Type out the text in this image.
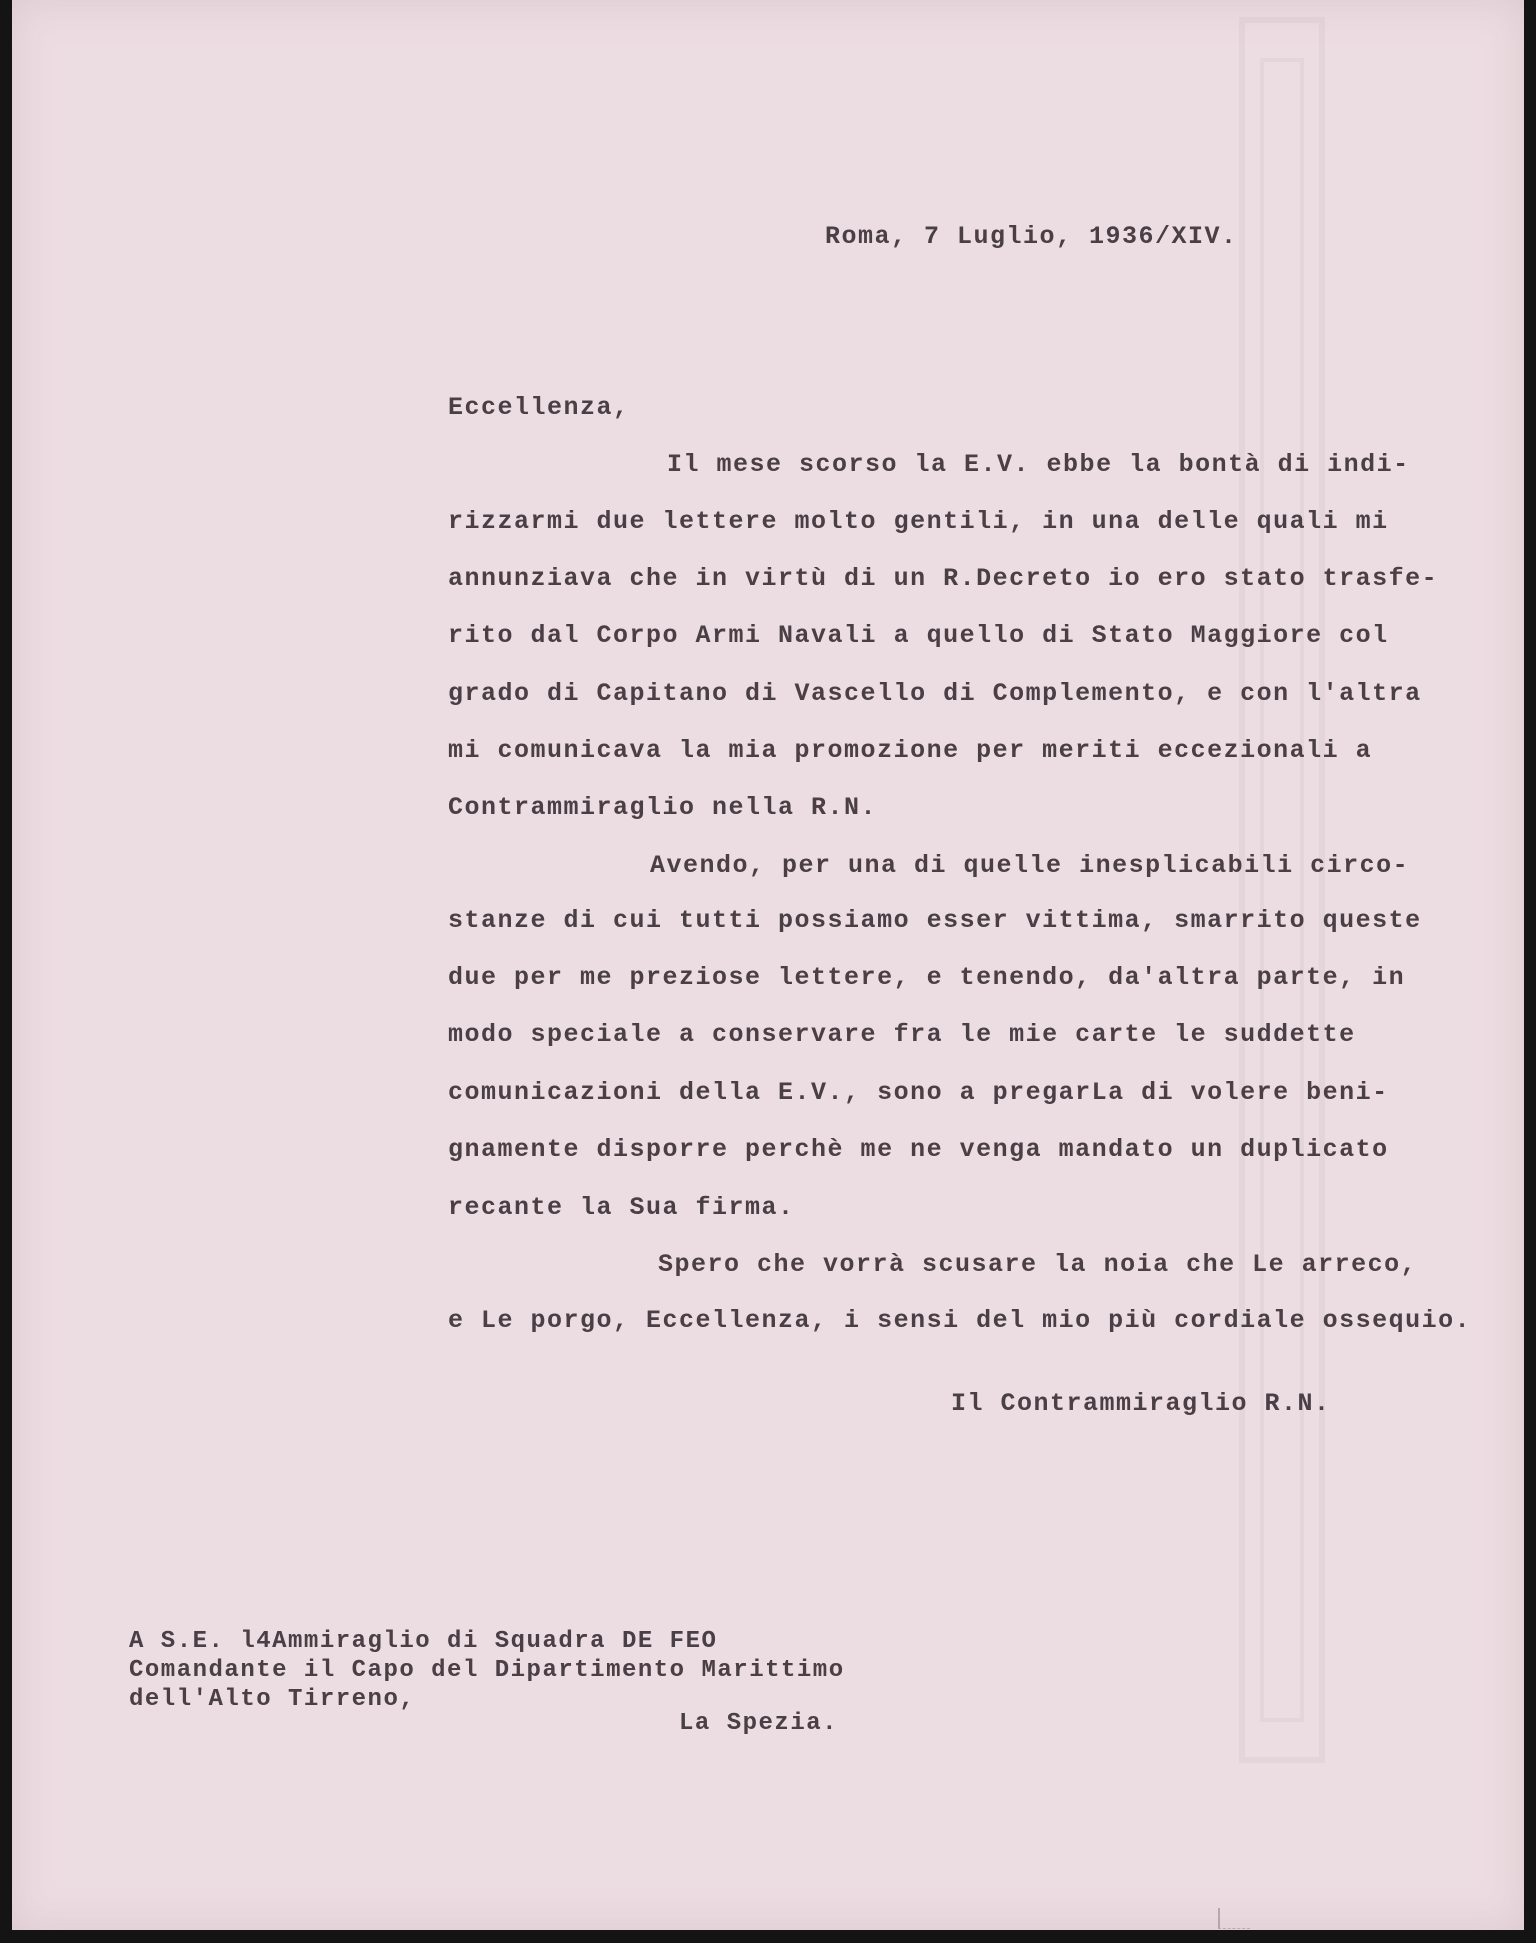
Roma, 7 Luglio, 1936/XIV.
Eccellenza,
Il mese scorso la E.V. ebbe la bontà di indi-
rizzarmi due lettere molto gentili, in una delle quali mi
annunziava che in virtù di un R.Decreto io ero stato trasfe-
rito dal Corpo Armi Navali a quello di Stato Maggiore col
grado di Capitano di Vascello di Complemento, e con l'altra
mi comunicava la mia promozione per meriti eccezionali a
Contrammiraglio nella R.N.
Avendo, per una di quelle inesplicabili circo-
stanze di cui tutti possiamo esser vittima, smarrito queste
due per me preziose lettere, e tenendo, da'altra parte, in
modo speciale a conservare fra le mie carte le suddette
comunicazioni della E.V., sono a pregarLa di volere beni-
gnamente disporre perchè me ne venga mandato un duplicato
recante la Sua firma.
Spero che vorrà scusare la noia che Le arreco,
e Le porgo, Eccellenza, i sensi del mio più cordiale ossequio.
Il Contrammiraglio R.N.
A S.E. l4Ammiraglio di Squadra DE FEO
Comandante il Capo del Dipartimento Marittimo
dell'Alto Tirreno,
La Spezia.
